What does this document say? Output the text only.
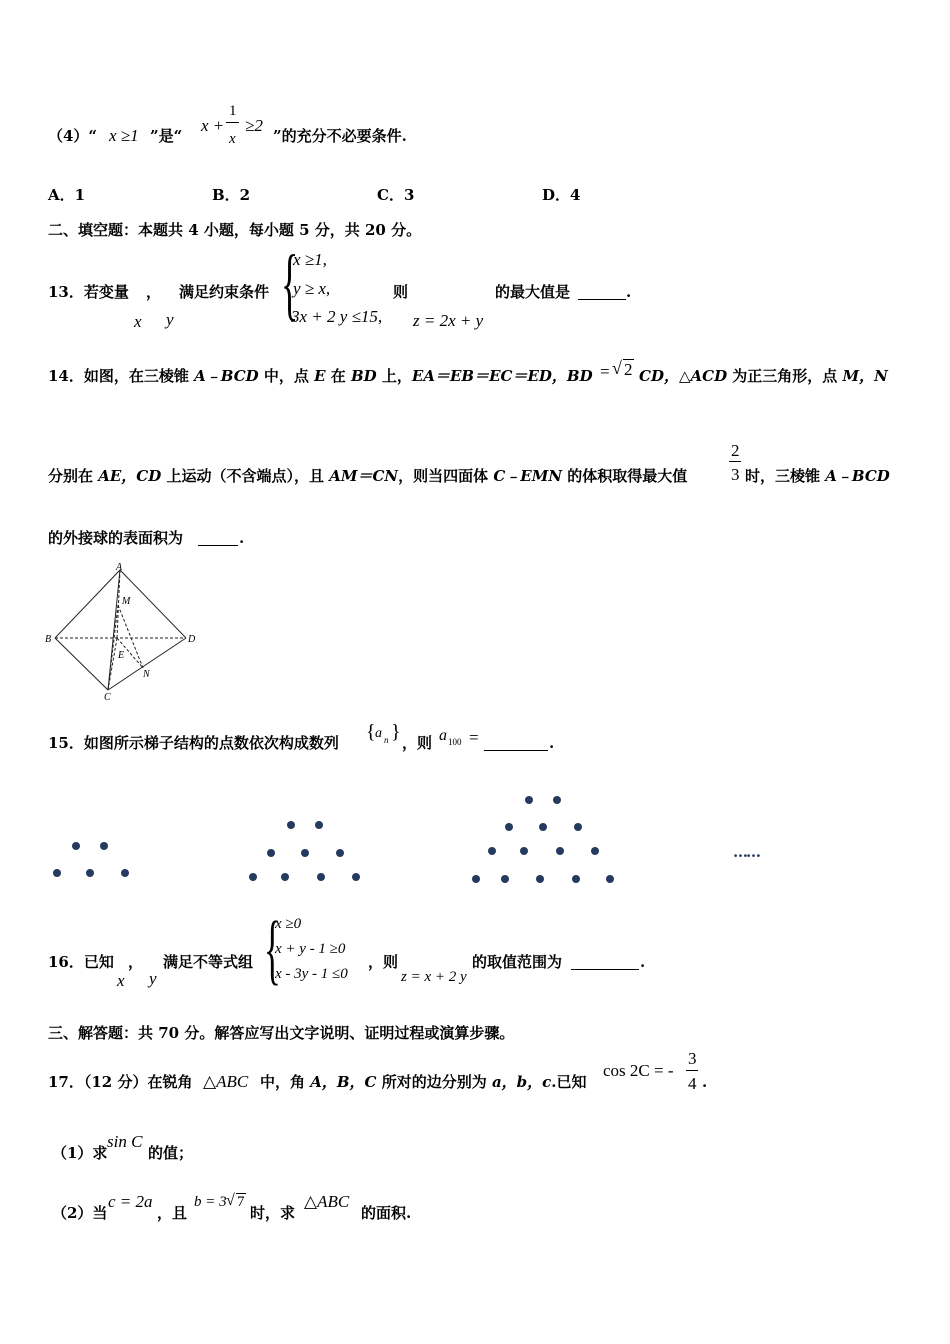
（4）“ x ≥1 ”是“
x +
1
x
≥2
”的充分不必要条件.
A．1	B．2	C．3	D．4
二、填空题：本题共 4 小题，每小题 5 分，共 20 分。
13．若变量 ，
x y
满足约束条件 {
x ≥1,
y ≥ x,
3x + 2 y ≤15,
则
z = 2x + y
的最大值是	.
14．如图，在三棱锥 A﹣BCD 中，点 E 在 BD 上，EA＝EB＝EC＝ED，BD = √ 2 CD，△ACD 为正三角形，点 M，N
分别在 AE，CD 上运动（不含端点），且 AM＝CN，则当四面体 C﹣EMN 的体积取得最大值
2
3 时，三棱锥 A﹣BCD
的外接球的表面积为	.
A
M
B	D
E
N
C
15．如图所示梯子结构的点数依次构成数列 { a n } ，则 a 100 =	.
……
16．已知 ，
x y
满足不等式组 {
x ≥0
x + y - 1 ≥0
x - 3y - 1 ≤0
，则
z = x + 2 y
的取值范围为	.
三、解答题：共 70 分。解答应写出文字说明、证明过程或演算步骤。
17．（12 分）在锐角 △ABC 中，角 A，B，C 所对的边分别为 a，b，c.已知
cos 2C = -
3
4 .
（1）求
sin C
的值；
（2）当
c = 2a
，且
b = 3 √ 7
时，求
△ABC
的面积.
